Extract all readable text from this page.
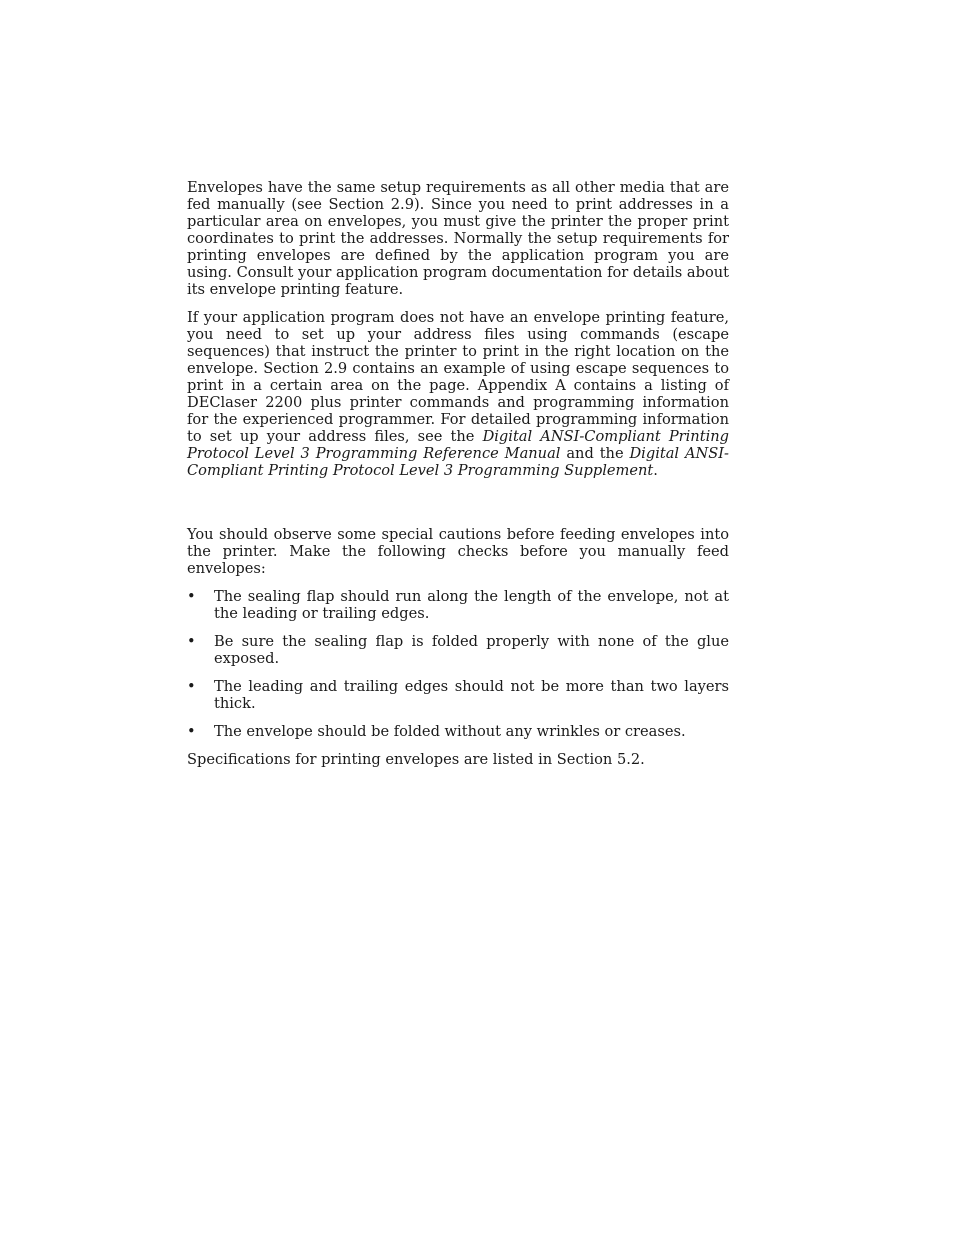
Envelopes have the same setup requirements as all other media that are fed manually (see Section 2.9). Since you need to print addresses in a particular area on envelopes, you must give the printer the proper print coordinates to print the addresses. Normally the setup requirements for printing envelopes are defined by the application program you are using. Consult your application program documentation for details about its envelope printing feature.

If your application program does not have an envelope printing feature, you need to set up your address files using commands (escape sequences) that instruct the printer to print in the right location on the envelope. Section 2.9 contains an example of using escape sequences to print in a certain area on the page. Appendix A contains a listing of DEClaser 2200 plus printer commands and programming information for the experienced programmer. For detailed programming information to set up your address files, see the Digital ANSI-Compliant Printing Protocol Level 3 Programming Reference Manual and the Digital ANSI-Compliant Printing Protocol Level 3 Programming Supplement.

You should observe some special cautions before feeding envelopes into the printer. Make the following checks before you manually feed envelopes:

• The sealing flap should run along the length of the envelope, not at the leading or trailing edges.
• Be sure the sealing flap is folded properly with none of the glue exposed.
• The leading and trailing edges should not be more than two layers thick.
• The envelope should be folded without any wrinkles or creases.

Specifications for printing envelopes are listed in Section 5.2.
